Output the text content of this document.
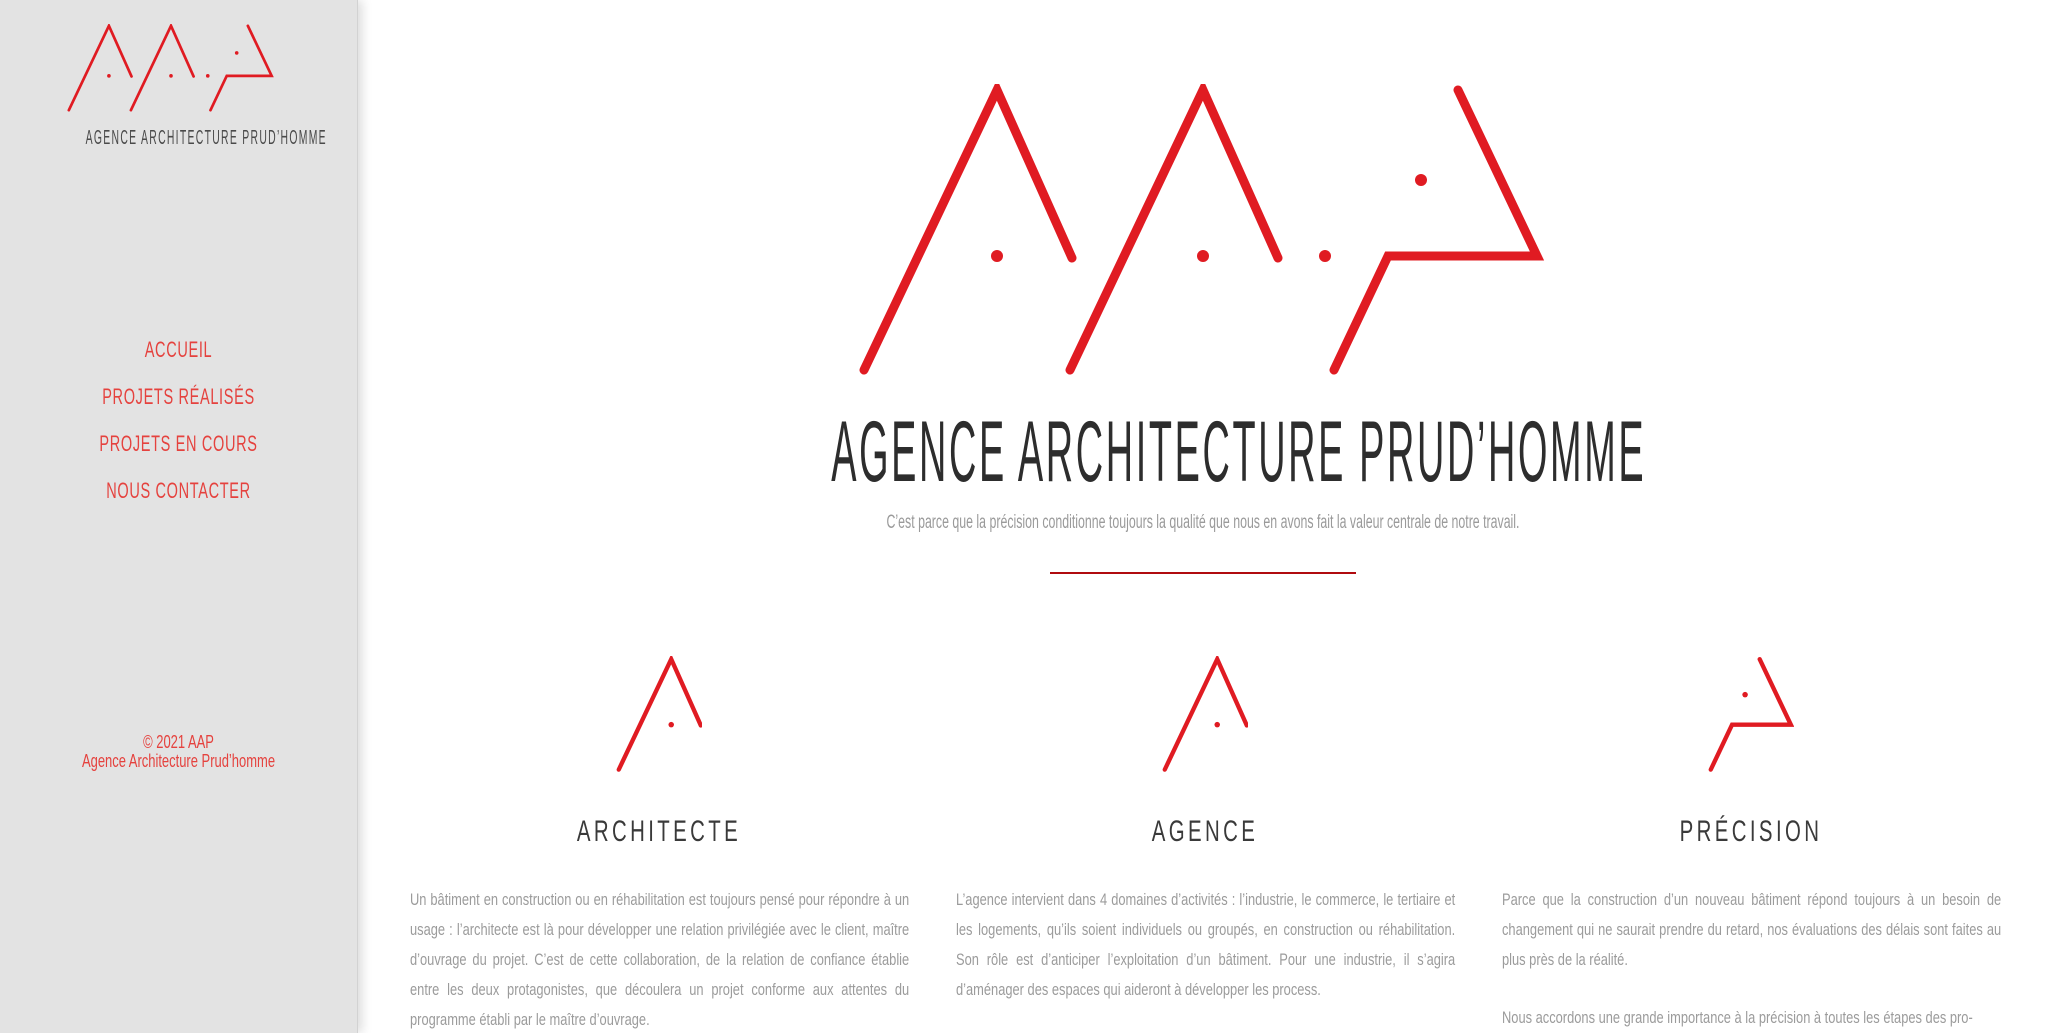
AGENCE ARCHITECTURE PRUD’HOMME
ACCUEIL
PROJETS RÉALISÉS
PROJETS EN COURS
NOUS CONTACTER
© 2021 AAP
Agence Architecture Prud’homme
AGENCE ARCHITECTURE PRUD’HOMME
C’est parce que la précision conditionne toujours la qualité que nous en avons fait la valeur centrale de notre travail.
ARCHITECTE

Un bâtiment en construction ou en réhabilitation est toujours pensé pour répondre à un usage : l’architecte est là pour développer une relation privilégiée avec le client, maître d’ouvrage du projet. C’est de cette collaboration, de la relation de confiance établie entre les deux protagonistes, que découlera un projet conforme aux attentes du programme établi par le maître d’ouvrage.

AGENCE

L’agence intervient dans 4 domaines d’activités : l’industrie, le commerce, le tertiaire et les logements, qu’ils soient individuels ou groupés, en construction ou réhabilitation. Son rôle est d’anticiper l’exploitation d’un bâtiment. Pour une industrie, il s’agira d’aménager des espaces qui aideront à développer les process.

PRÉCISION

Parce que la construction d’un nouveau bâtiment répond toujours à un besoin de changement qui ne saurait prendre du retard, nos évaluations des délais sont faites au plus près de la réalité.

Nous accordons une grande importance à la précision à toutes les étapes des pro-
